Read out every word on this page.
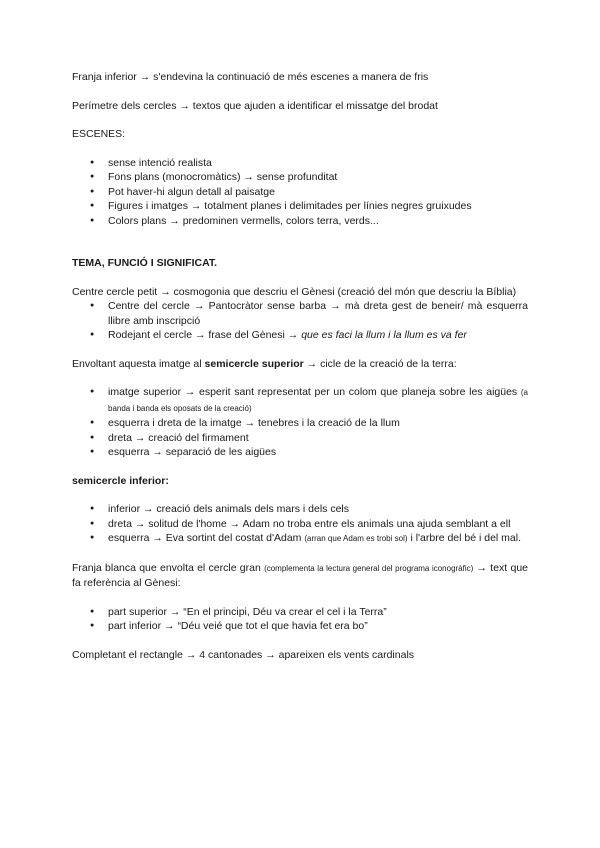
Franja inferior → s'endevina la continuació de més escenes a manera de fris

Perímetre dels cercles → textos que ajuden a identificar el missatge del brodat

ESCENES:

● sense intenció realista
● Fons plans (monocromàtics) → sense profunditat
● Pot haver-hi algun detall al paisatge
● Figures i imatges → totalment planes i delimitades per línies negres gruixudes
● Colors plans → predominen vermells, colors terra, verds...

TEMA, FUNCIÓ I SIGNIFICAT.

Centre cercle petit → cosmogonia que descriu el Gènesi (creació del món que descriu la Bíblia)

● Centre del cercle → Pantocràtor sense barba → mà dreta gest de beneir/ mà esquerra llibre amb inscripció
● Rodejant el cercle → frase del Gènesi → que es faci la llum i la llum es va fer

Envoltant aquesta imatge al semicercle superior → cicle de la creació de la terra:

● imatge superior → esperit sant representat per un colom que planeja sobre les aigües (a banda i banda els oposats de la creació)
● esquerra i dreta de la imatge → tenebres i la creació de la llum
● dreta → creació del firmament
● esquerra → separació de les aigües

semicercle inferior:

● inferior → creació dels animals dels mars i dels cels
● dreta → solitud de l'home → Adam no troba entre els animals una ajuda semblant a ell
● esquerra → Eva sortint del costat d'Adam (arran que Adam es trobi sol) i l'arbre del bé i del mal.

Franja blanca que envolta el cercle gran (complementa la lectura general del programa iconogràfic) → text que fa referència al Gènesi:

● part superior → “En el principi, Déu va crear el cel i la Terra”
● part inferior → “Déu veié que tot el que havia fet era bo”

Completant el rectangle → 4 cantonades → apareixen els vents cardinals
